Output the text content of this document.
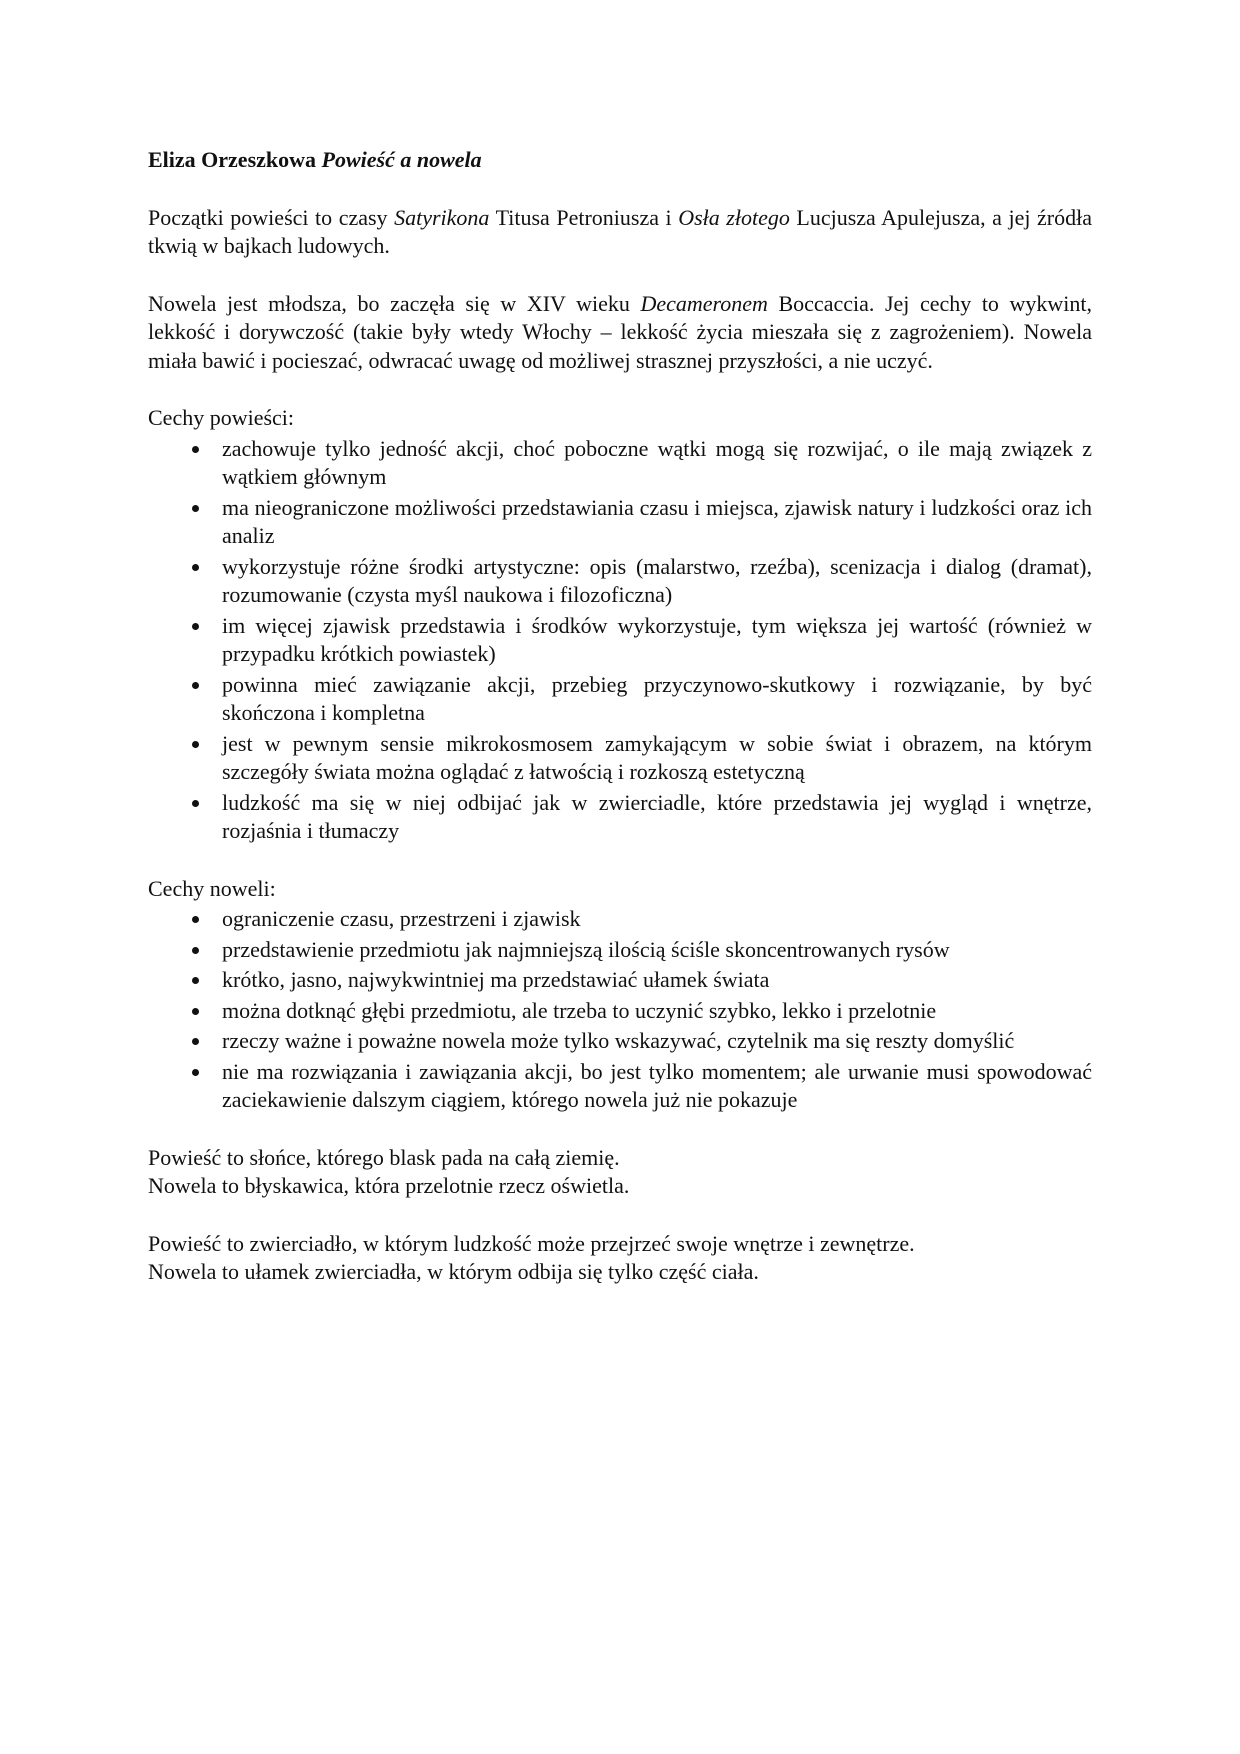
Eliza Orzeszkowa Powieść a nowela

Początki powieści to czasy Satyrikona Titusa Petroniusza i Osła złotego Lucjusza Apulejusza, a jej źródła tkwią w bajkach ludowych.

Nowela jest młodsza, bo zaczęła się w XIV wieku Decameronem Boccaccia. Jej cechy to wykwint, lekkość i dorywczość (takie były wtedy Włochy – lekkość życia mieszała się z zagrożeniem). Nowela miała bawić i pocieszać, odwracać uwagę od możliwej strasznej przyszłości, a nie uczyć.

Cechy powieści:

zachowuje tylko jedność akcji, choć poboczne wątki mogą się rozwijać, o ile mają związek z wątkiem głównym
ma nieograniczone możliwości przedstawiania czasu i miejsca, zjawisk natury i ludzkości oraz ich analiz
wykorzystuje różne środki artystyczne: opis (malarstwo, rzeźba), scenizacja i dialog (dramat), rozumowanie (czysta myśl naukowa i filozoficzna)
im więcej zjawisk przedstawia i środków wykorzystuje, tym większa jej wartość (również w przypadku krótkich powiastek)
powinna mieć zawiązanie akcji, przebieg przyczynowo-skutkowy i rozwiązanie, by być skończona i kompletna
jest w pewnym sensie mikrokosmosem zamykającym w sobie świat i obrazem, na którym szczegóły świata można oglądać z łatwością i rozkoszą estetyczną
ludzkość ma się w niej odbijać jak w zwierciadle, które przedstawia jej wygląd i wnętrze, rozjaśnia i tłumaczy

Cechy noweli:

ograniczenie czasu, przestrzeni i zjawisk
przedstawienie przedmiotu jak najmniejszą ilością ściśle skoncentrowanych rysów
krótko, jasno, najwykwintniej ma przedstawiać ułamek świata
można dotknąć głębi przedmiotu, ale trzeba to uczynić szybko, lekko i przelotnie
rzeczy ważne i poważne nowela może tylko wskazywać, czytelnik ma się reszty domyślić
nie ma rozwiązania i zawiązania akcji, bo jest tylko momentem; ale urwanie musi spowodować zaciekawienie dalszym ciągiem, którego nowela już nie pokazuje

Powieść to słońce, którego blask pada na całą ziemię.

Nowela to błyskawica, która przelotnie rzecz oświetla.

Powieść to zwierciadło, w którym ludzkość może przejrzeć swoje wnętrze i zewnętrze.

Nowela to ułamek zwierciadła, w którym odbija się tylko część ciała.
